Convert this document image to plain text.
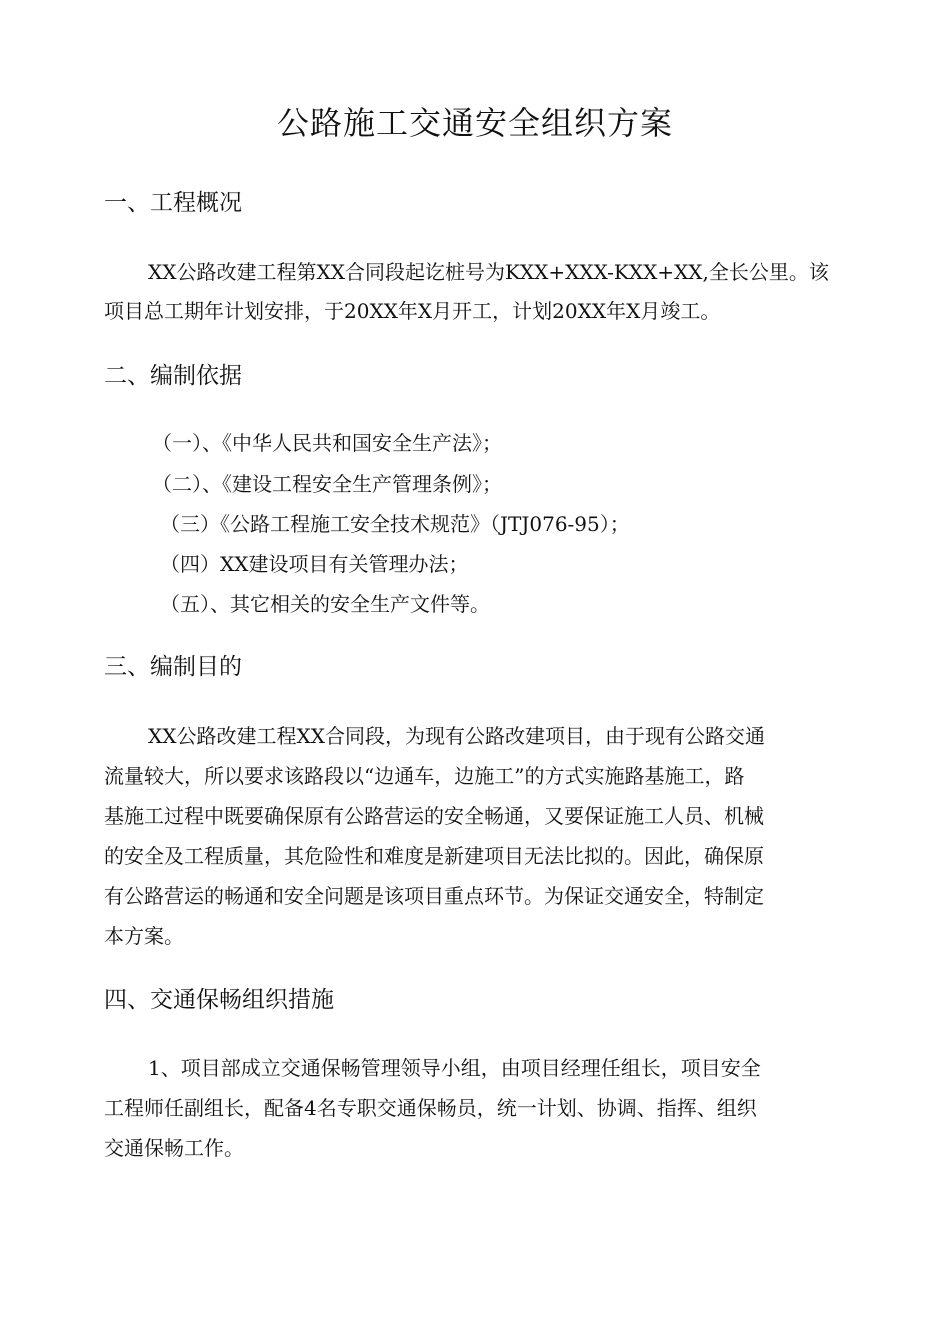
公路施工交通安全组织方案
一、工程概况
XX公路改建工程第XX合同段起讫桩号为KXX+XXX-KXX+XX,全长公里。该
项目总工期年计划安排，于20XX年X月开工，计划20XX年X月竣工。
二、编制依据
（一）、《中华人民共和国安全生产法》；
（二）、《建设工程安全生产管理条例》；
（三）《公路工程施工安全技术规范》（JTJ076-95）；
（四）XX建设项目有关管理办法；
（五）、其它相关的安全生产文件等。
三、编制目的
XX公路改建工程XX合同段，为现有公路改建项目，由于现有公路交通
流量较大，所以要求该路段以“边通车，边施工”的方式实施路基施工，路
基施工过程中既要确保原有公路营运的安全畅通，又要保证施工人员、机械
的安全及工程质量，其危险性和难度是新建项目无法比拟的。因此，确保原
有公路营运的畅通和安全问题是该项目重点环节。为保证交通安全，特制定
本方案。
四、交通保畅组织措施
1、项目部成立交通保畅管理领导小组，由项目经理任组长，项目安全
工程师任副组长，配备4名专职交通保畅员，统一计划、协调、指挥、组织
交通保畅工作。
